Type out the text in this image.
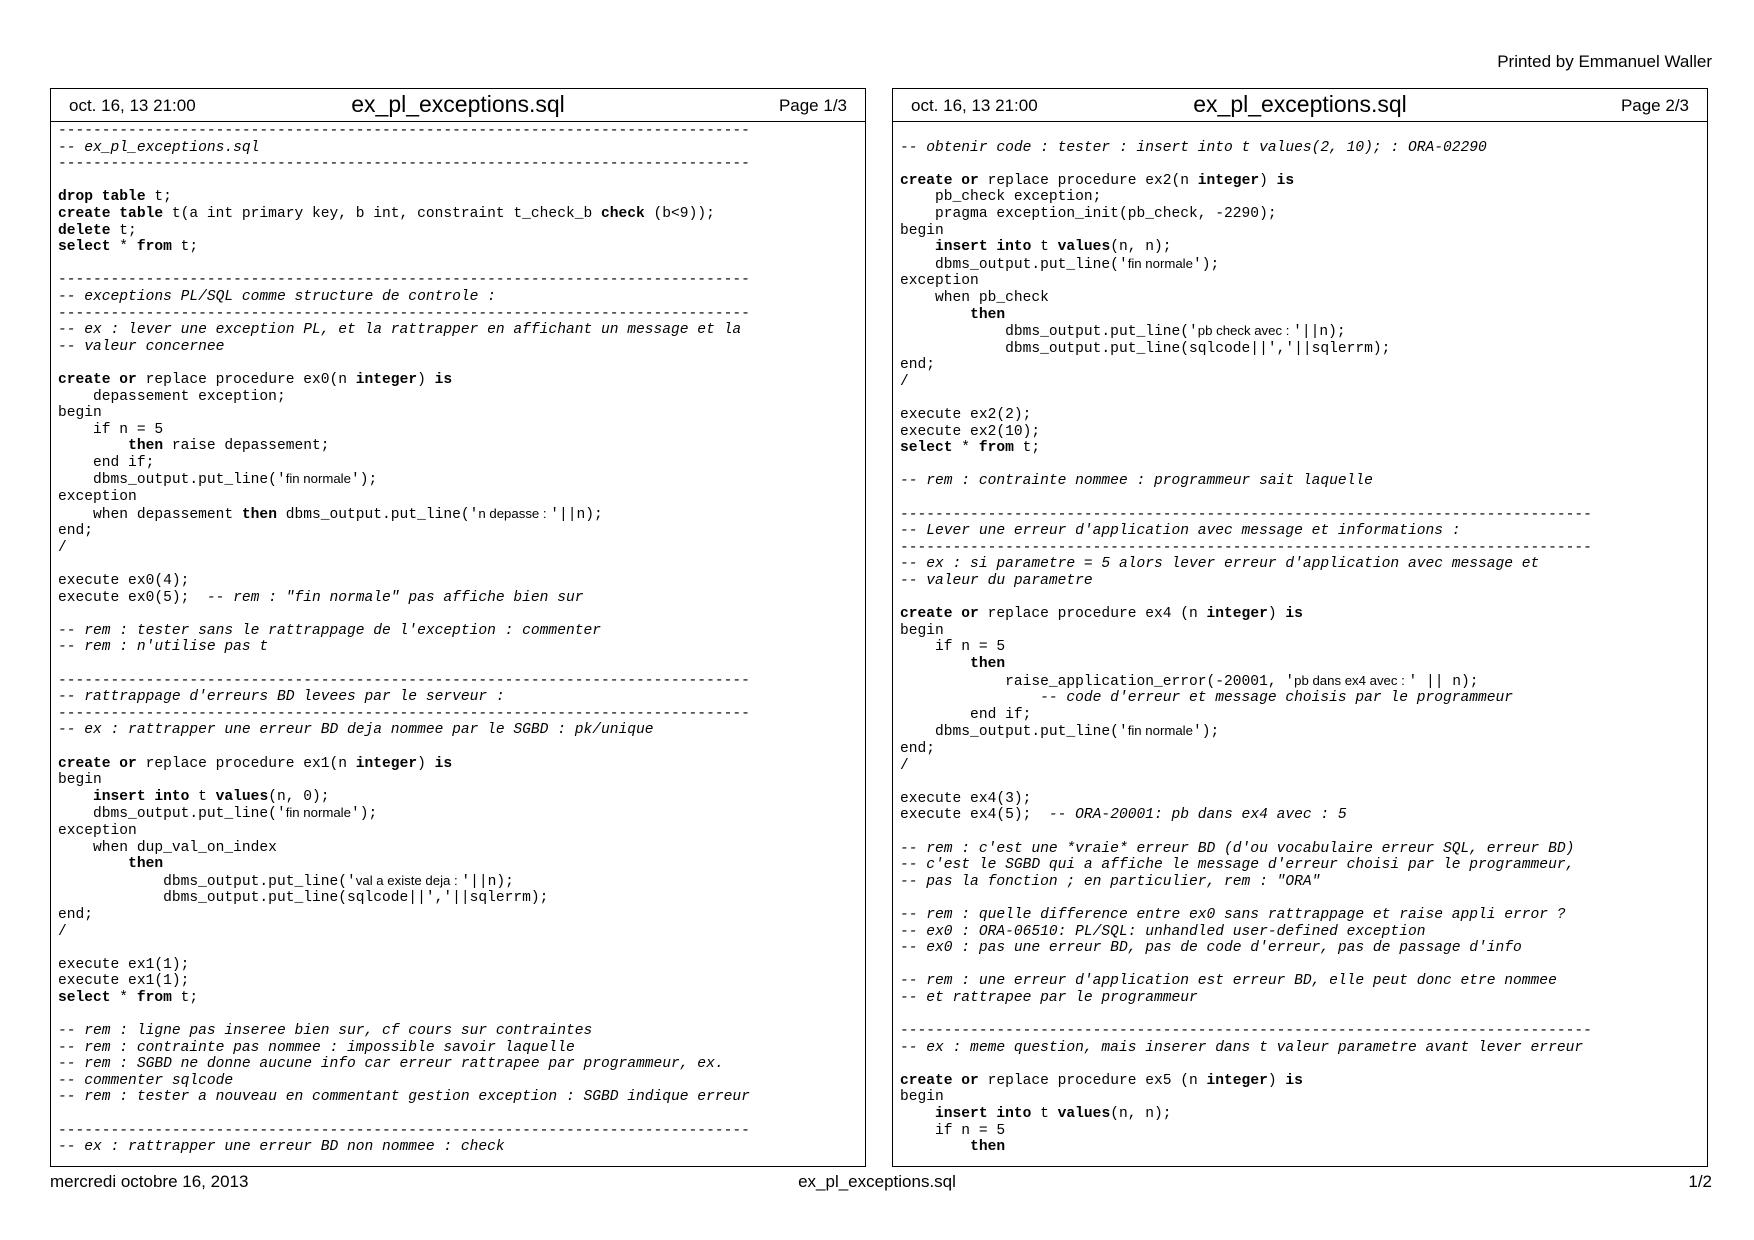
Printed by Emmanuel Waller
oct. 16, 13 21:00	ex_pl_exceptions.sql	Page 1/3
-------------------------------------------------------------------------------
-- ex_pl_exceptions.sql
-------------------------------------------------------------------------------

drop table t;
create table t(a int primary key, b int, constraint t_check_b check (b<9));
delete t;
select * from t;

-------------------------------------------------------------------------------
-- exceptions PL/SQL comme structure de controle :
-------------------------------------------------------------------------------
-- ex : lever une exception PL, et la rattrapper en affichant un message et la
-- valeur concernee

create or replace procedure ex0(n integer) is
depassement exception;
begin
if n = 5
then raise depassement;
end if;
dbms_output.put_line('fin normale');
exception
when depassement then dbms_output.put_line('n depasse : '||n);
end;
/

execute ex0(4);
execute ex0(5);  -- rem : "fin normale" pas affiche bien sur

-- rem : tester sans le rattrappage de l'exception : commenter
-- rem : n'utilise pas t

-------------------------------------------------------------------------------
-- rattrappage d'erreurs BD levees par le serveur :
-------------------------------------------------------------------------------
-- ex : rattrapper une erreur BD deja nommee par le SGBD : pk/unique

create or replace procedure ex1(n integer) is
begin
insert into t values(n, 0);
dbms_output.put_line('fin normale');
exception
when dup_val_on_index
then
dbms_output.put_line('val a existe deja : '||n);
dbms_output.put_line(sqlcode||','||sqlerrm);
end;
/

execute ex1(1);
execute ex1(1);
select * from t;

-- rem : ligne pas inseree bien sur, cf cours sur contraintes
-- rem : contrainte pas nommee : impossible savoir laquelle
-- rem : SGBD ne donne aucune info car erreur rattrapee par programmeur, ex.
-- commenter sqlcode
-- rem : tester a nouveau en commentant gestion exception : SGBD indique erreur

-------------------------------------------------------------------------------
-- ex : rattrapper une erreur BD non nommee : check
oct. 16, 13 21:00	ex_pl_exceptions.sql	Page 2/3

-- obtenir code : tester : insert into t values(2, 10); : ORA-02290

create or replace procedure ex2(n integer) is
pb_check exception;
pragma exception_init(pb_check, -2290);
begin
insert into t values(n, n);
dbms_output.put_line('fin normale');
exception
when pb_check
then
dbms_output.put_line('pb check avec : '||n);
dbms_output.put_line(sqlcode||','||sqlerrm);
end;
/

execute ex2(2);
execute ex2(10);
select * from t;

-- rem : contrainte nommee : programmeur sait laquelle

-------------------------------------------------------------------------------
-- Lever une erreur d'application avec message et informations :
-------------------------------------------------------------------------------
-- ex : si parametre = 5 alors lever erreur d'application avec message et
-- valeur du parametre

create or replace procedure ex4 (n integer) is
begin
if n = 5
then
raise_application_error(-20001, 'pb dans ex4 avec : ' || n);
-- code d'erreur et message choisis par le programmeur
end if;
dbms_output.put_line('fin normale');
end;
/

execute ex4(3);
execute ex4(5);  -- ORA-20001: pb dans ex4 avec : 5

-- rem : c'est une *vraie* erreur BD (d'ou vocabulaire erreur SQL, erreur BD)
-- c'est le SGBD qui a affiche le message d'erreur choisi par le programmeur,
-- pas la fonction ; en particulier, rem : "ORA"

-- rem : quelle difference entre ex0 sans rattrappage et raise appli error ?
-- ex0 : ORA-06510: PL/SQL: unhandled user-defined exception
-- ex0 : pas une erreur BD, pas de code d'erreur, pas de passage d'info

-- rem : une erreur d'application est erreur BD, elle peut donc etre nommee
-- et rattrapee par le programmeur

-------------------------------------------------------------------------------
-- ex : meme question, mais inserer dans t valeur parametre avant lever erreur

create or replace procedure ex5 (n integer) is
begin
insert into t values(n, n);
if n = 5
then
mercredi octobre 16, 2013	ex_pl_exceptions.sql	1/2
